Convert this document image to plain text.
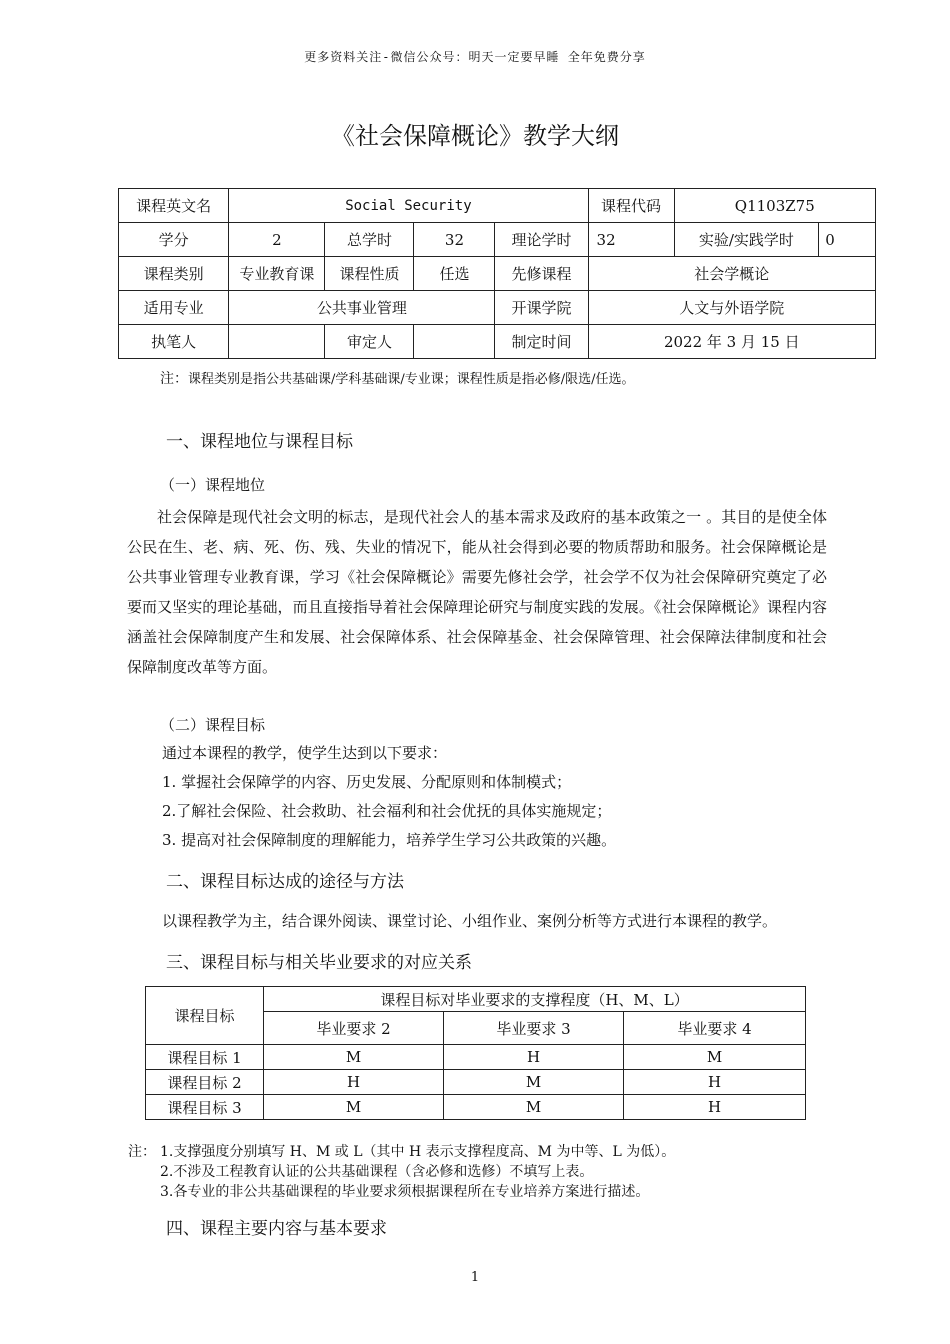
更多资料关注-微信公众号：明天一定要早睡 全年免费分享
《社会保障概论》教学大纲
课程英文名	Social Security				课程代码	Q1103Z75	
学分	2	总学时	32	理论学时	32	实验/实践学时	0
课程类别	专业教育课	课程性质	任选	先修课程	社会学概论		
适用专业	公共事业管理			开课学院	人文与外语学院		
执笔人		审定人		制定时间	2022 年 3 月 15 日		
注：课程类别是指公共基础课/学科基础课/专业课；课程性质是指必修/限选/任选。
一、课程地位与课程目标
（一）课程地位

社会保障是现代社会文明的标志，是现代社会人的基本需求及政府的基本政策之一 。其目的是使全体公民在生、老、病、死、伤、残、失业的情况下，能从社会得到必要的物质帮助和服务。社会保障概论是公共事业管理专业教育课，学习《社会保障概论》需要先修社会学，社会学不仅为社会保障研究奠定了必要而又坚实的理论基础，而且直接指导着社会保障理论研究与制度实践的发展。《社会保障概论》课程内容涵盖社会保障制度产生和发展、社会保障体系、社会保障基金、社会保障管理、社会保障法律制度和社会保障制度改革等方面。

（二）课程目标
通过本课程的教学，使学生达到以下要求：
1. 掌握社会保障学的内容、历史发展、分配原则和体制模式；
2.了解社会保险、社会救助、社会福利和社会优抚的具体实施规定；
3. 提高对社会保障制度的理解能力，培养学生学习公共政策的兴趣。
二、课程目标达成的途径与方法
以课程教学为主，结合课外阅读、课堂讨论、小组作业、案例分析等方式进行本课程的教学。
三、课程目标与相关毕业要求的对应关系
课程目标	课程目标对毕业要求的支撑程度（H、M、L）		
	毕业要求 2	毕业要求 3	毕业要求 4
课程目标 1	M	H	M
课程目标 2	H	M	H
课程目标 3	M	M	H
注： 1.支撑强度分别填写 H、M 或 L（其中 H 表示支撑程度高、M 为中等、L 为低）。
2.不涉及工程教育认证的公共基础课程（含必修和选修）不填写上表。
3.各专业的非公共基础课程的毕业要求须根据课程所在专业培养方案进行描述。
四、课程主要内容与基本要求
1
